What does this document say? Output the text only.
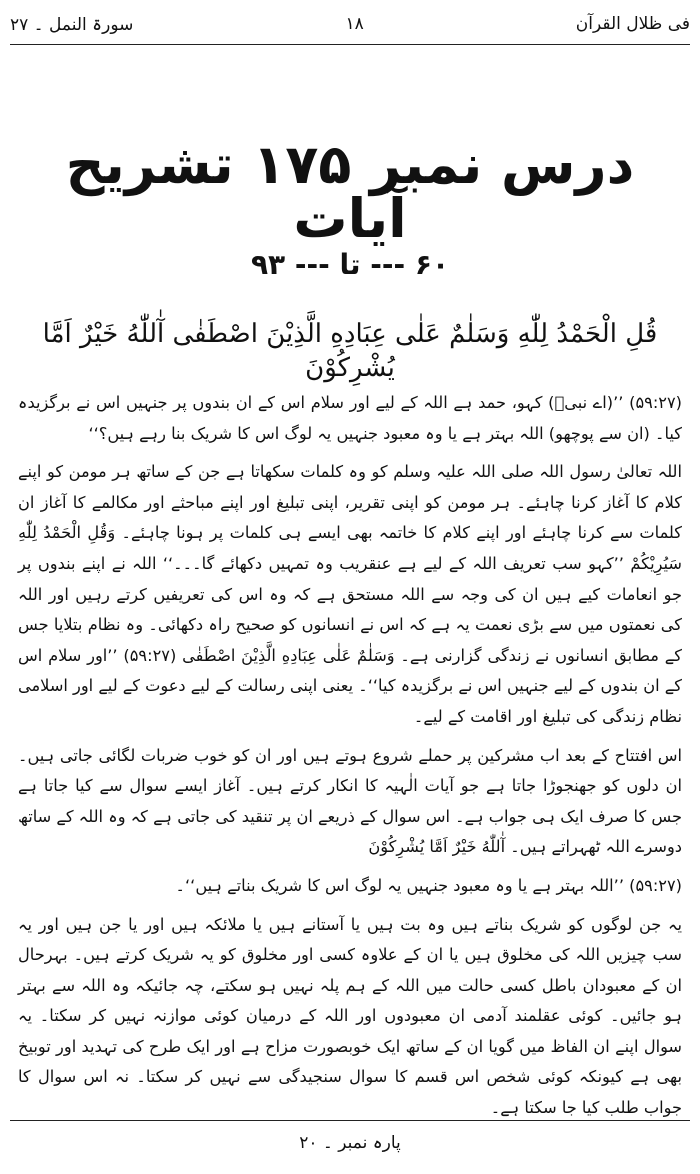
فی ظلال القرآن
۱۸
سورۃ النمل ۔ ۲۷
درس نمبر ۱۷۵ تشریح آیات
۶۰ --- تا --- ۹۳
قُلِ الْحَمْدُ لِلّٰهِ وَسَلٰمٌ عَلٰى عِبَادِهِ الَّذِيْنَ اصْطَفٰى آٰللّٰهُ خَيْرٌ اَمَّا يُشْرِكُوْنَ

(۵۹:۲۷) ’’(اے نبیؐ) کہو، حمد ہے اللہ کے لیے اور سلام اس کے ان بندوں پر جنہیں اس نے برگزیدہ کیا۔ (ان سے پوچھو) اللہ بہتر ہے یا وہ معبود جنہیں یہ لوگ اس کا شریک بنا رہے ہیں؟‘‘

اللہ تعالیٰ رسول اللہ صلی اللہ علیہ وسلم کو وہ کلمات سکھاتا ہے جن کے ساتھ ہر مومن کو اپنے کلام کا آغاز کرنا چاہئے۔ ہر مومن کو اپنی تقریر، اپنی تبلیغ اور اپنے مباحثے اور مکالمے کا آغاز ان کلمات سے کرنا چاہئے اور اپنے کلام کا خاتمہ بھی ایسے ہی کلمات پر ہونا چاہئے۔ وَقُلِ الْحَمْدُ لِلّٰهِ سَيُرِيْكُمْ ’’کہو سب تعریف اللہ کے لیے ہے عنقریب وہ تمہیں دکھائے گا۔۔۔‘‘ اللہ نے اپنے بندوں پر جو انعامات کیے ہیں ان کی وجہ سے اللہ مستحق ہے کہ وہ اس کی تعریفیں کرتے رہیں اور اللہ کی نعمتوں میں سے بڑی نعمت یہ ہے کہ اس نے انسانوں کو صحیح راہ دکھائی۔ وہ نظام بتلایا جس کے مطابق انسانوں نے زندگی گزارنی ہے۔ وَسَلٰمٌ عَلٰى عِبَادِهِ الَّذِيْنَ اصْطَفٰى (۵۹:۲۷) ’’اور سلام اس کے ان بندوں کے لیے جنہیں اس نے برگزیدہ کیا‘‘۔ یعنی اپنی رسالت کے لیے دعوت کے لیے اور اسلامی نظام زندگی کی تبلیغ اور اقامت کے لیے۔

اس افتتاح کے بعد اب مشرکین پر حملے شروع ہوتے ہیں اور ان کو خوب ضربات لگائی جاتی ہیں۔ ان دلوں کو جھنجوڑا جاتا ہے جو آیات الٰہیہ کا انکار کرتے ہیں۔ آغاز ایسے سوال سے کیا جاتا ہے جس کا صرف ایک ہی جواب ہے۔ اس سوال کے ذریعے ان پر تنقید کی جاتی ہے کہ وہ اللہ کے ساتھ دوسرے اللہ ٹھہراتے ہیں۔ آٰللّٰهُ خَيْرٌ اَمَّا يُشْرِكُوْنَ

(۵۹:۲۷) ’’اللہ بہتر ہے یا وہ معبود جنہیں یہ لوگ اس کا شریک بناتے ہیں‘‘۔

یہ جن لوگوں کو شریک بناتے ہیں وہ بت ہیں یا آستانے ہیں یا ملائکہ ہیں اور یا جن ہیں اور یہ سب چیزیں اللہ کی مخلوق ہیں یا ان کے علاوہ کسی اور مخلوق کو یہ شریک کرتے ہیں۔ بہرحال ان کے معبودان باطل کسی حالت میں اللہ کے ہم پلہ نہیں ہو سکتے، چہ جائیکہ وہ اللہ سے بہتر ہو جائیں۔ کوئی عقلمند آدمی ان معبودوں اور اللہ کے درمیان کوئی موازنہ نہیں کر سکتا۔ یہ سوال اپنے ان الفاظ میں گویا ان کے ساتھ ایک خوبصورت مزاح ہے اور ایک طرح کی تہدید اور توبیخ بھی ہے کیونکہ کوئی شخص اس قسم کا سوال سنجیدگی سے نہیں کر سکتا۔ نہ اس سوال کا جواب طلب کیا جا سکتا ہے۔

پارہ نمبر ۔ ۲۰
